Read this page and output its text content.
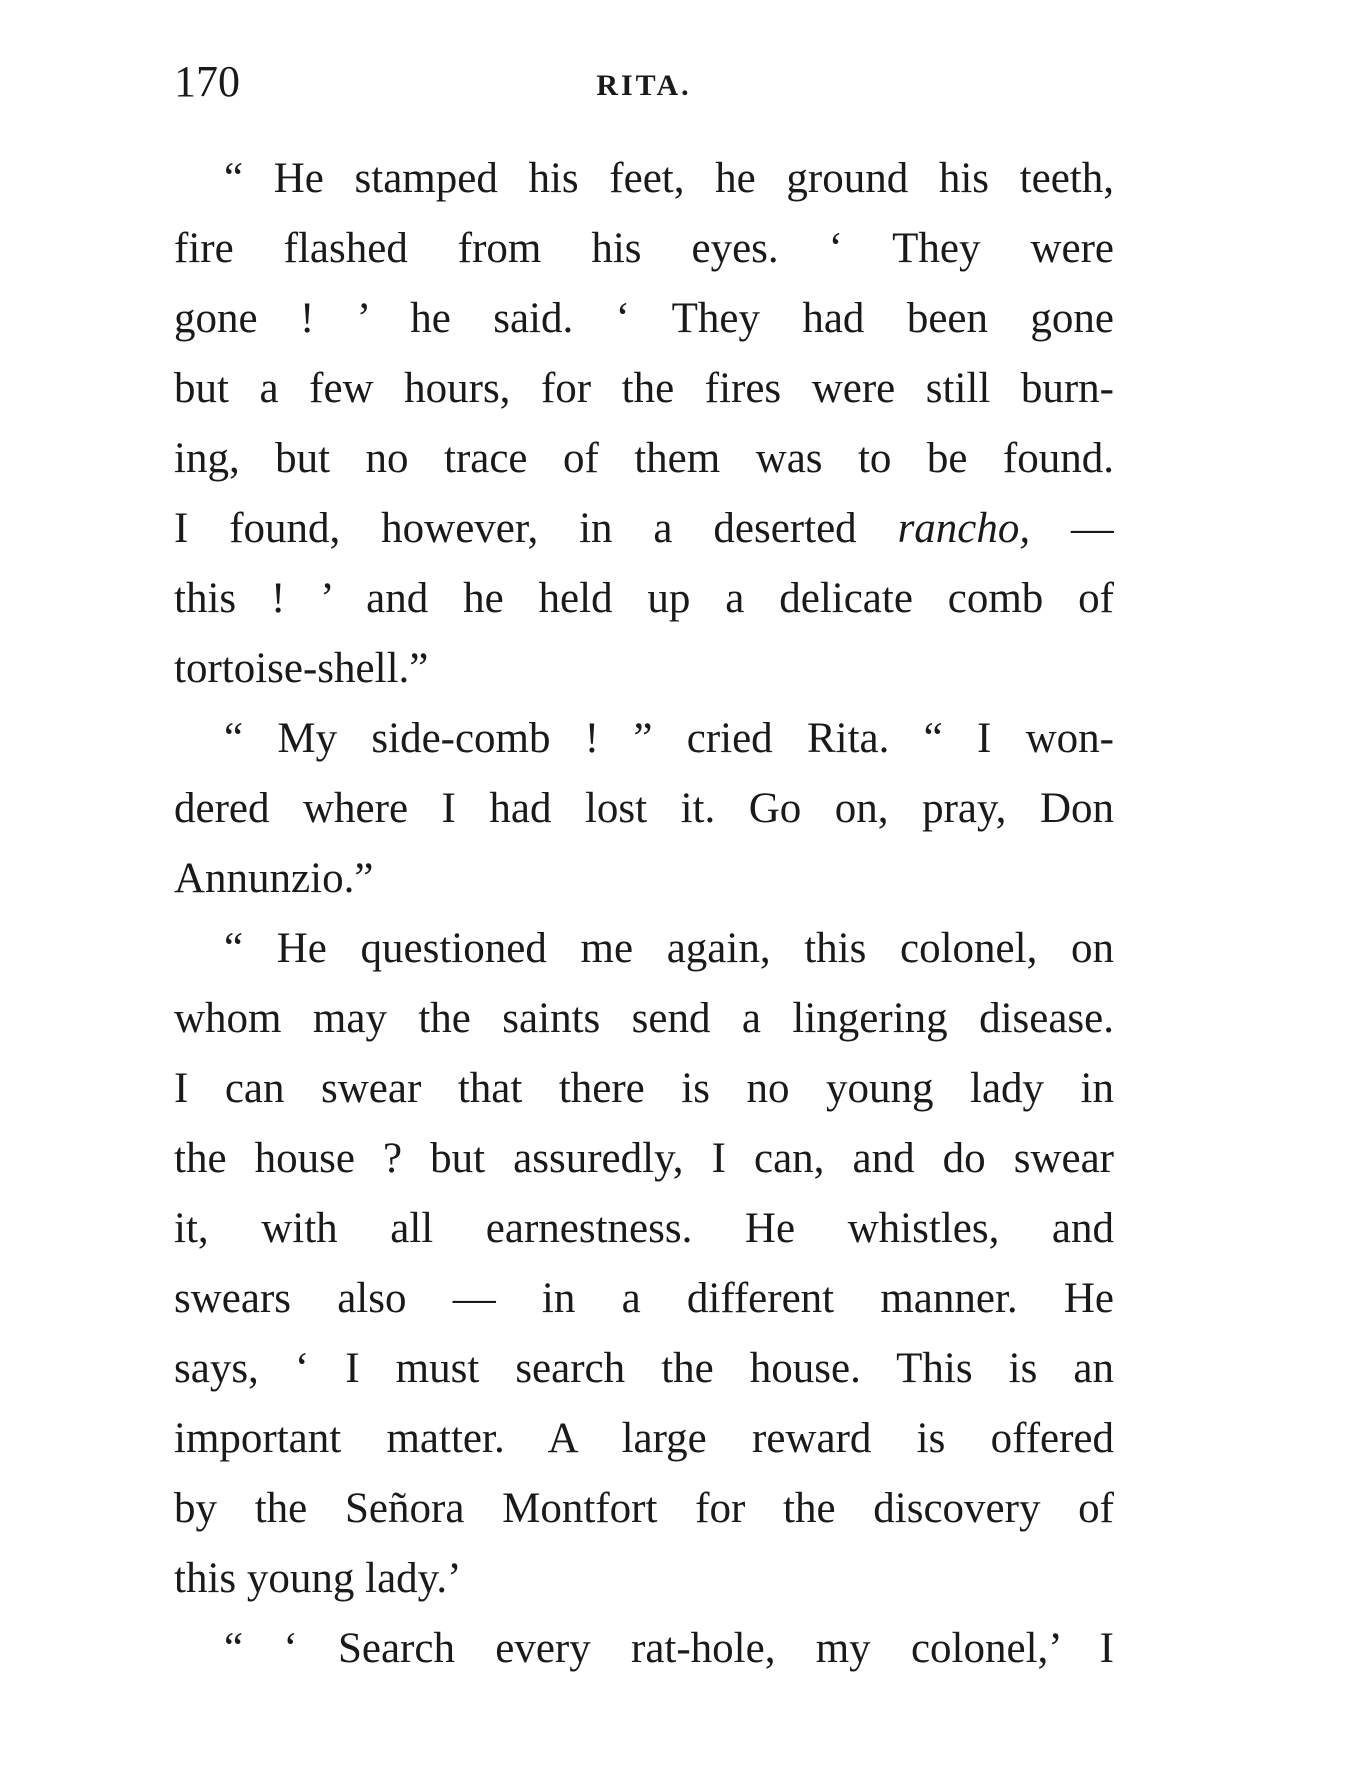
170	RITA.
“ He stamped his feet, he ground his teeth,
fire flashed from his eyes. ‘ They were
gone ! ’ he said. ‘ They had been gone
but a few hours, for the fires were still burn-
ing, but no trace of them was to be found.
I found, however, in a deserted rancho, —
this ! ’ and he held up a delicate comb of
tortoise-shell.”
“ My side-comb ! ” cried Rita. “ I won-
dered where I had lost it. Go on, pray, Don
Annunzio.”
“ He questioned me again, this colonel, on
whom may the saints send a lingering disease.
I can swear that there is no young lady in
the house ? but assuredly, I can, and do swear
it, with all earnestness. He whistles, and
swears also — in a different manner. He
says, ‘ I must search the house. This is an
important matter. A large reward is offered
by the Señora Montfort for the discovery of
this young lady.’
“ ‘ Search every rat-hole, my colonel,’ I
